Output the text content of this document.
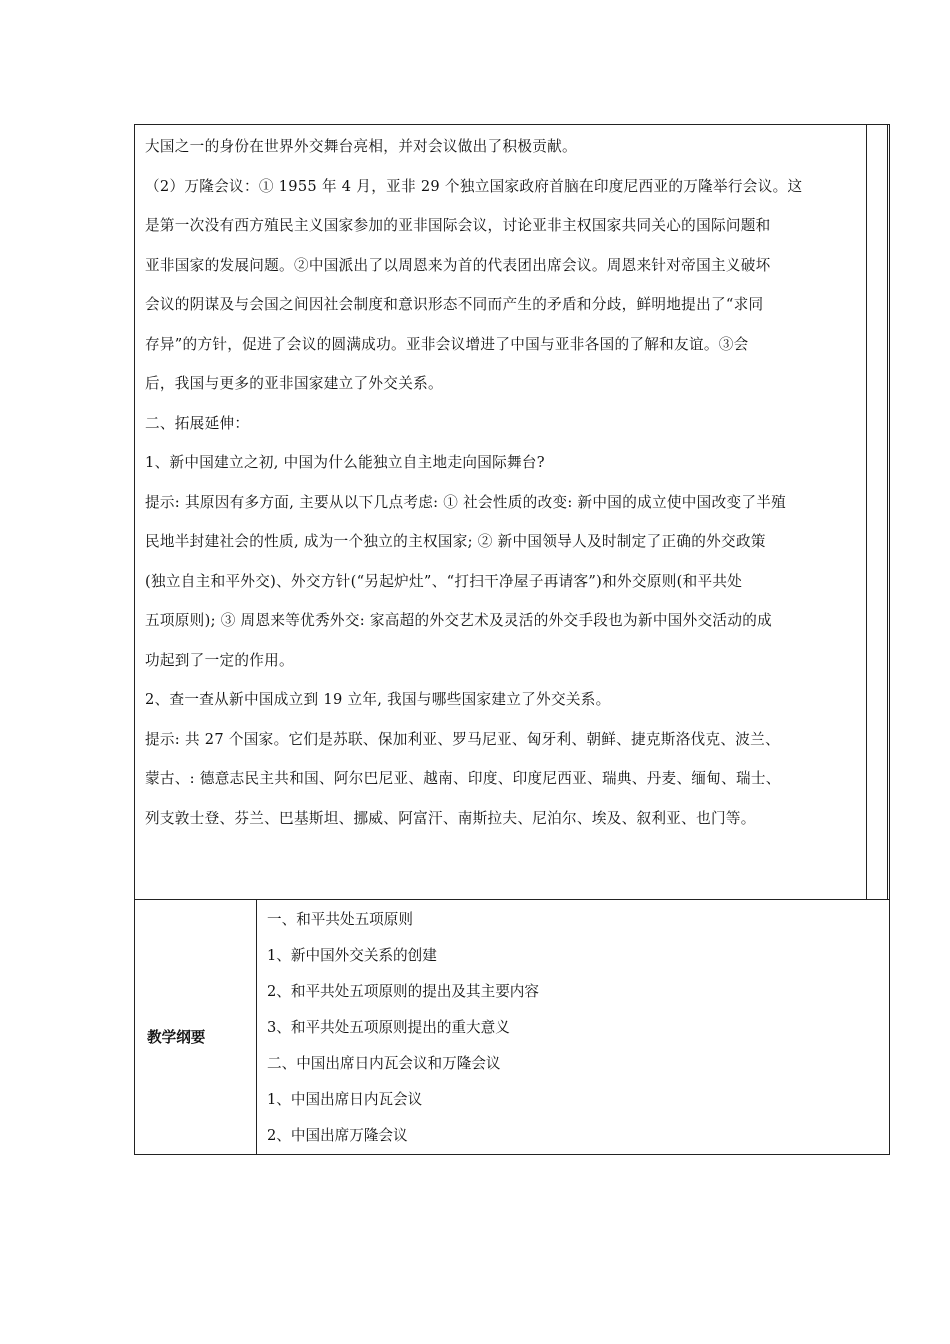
大国之一的身份在世界外交舞台亮相，并对会议做出了积极贡献。

（2）万隆会议：① 1955 年 4 月，亚非 29 个独立国家政府首脑在印度尼西亚的万隆举行会议。这

是第一次没有西方殖民主义国家参加的亚非国际会议，讨论亚非主权国家共同关心的国际问题和

亚非国家的发展问题。②中国派出了以周恩来为首的代表团出席会议。周恩来针对帝国主义破坏

会议的阴谋及与会国之间因社会制度和意识形态不同而产生的矛盾和分歧，鲜明地提出了“求同

存异”的方针，促进了会议的圆满成功。亚非会议增进了中国与亚非各国的了解和友谊。③会

后，我国与更多的亚非国家建立了外交关系。

二、拓展延伸：

1、新中国建立之初, 中国为什么能独立自主地走向国际舞台?

提示: 其原因有多方面, 主要从以下几点考虑: ① 社会性质的改变: 新中国的成立使中国改变了半殖

民地半封建社会的性质, 成为一个独立的主权国家; ② 新中国领导人及时制定了正确的外交政策

(独立自主和平外交)、外交方针(“另起炉灶”、“打扫干净屋子再请客”)和外交原则(和平共处

五项原则); ③ 周恩来等优秀外交: 家高超的外交艺术及灵活的外交手段也为新中国外交活动的成

功起到了一定的作用。

2、查一查从新中国成立到 19 立年, 我国与哪些国家建立了外交关系。

提示: 共 27 个国家。它们是苏联、保加利亚、罗马尼亚、匈牙利、朝鲜、捷克斯洛伐克、波兰、

蒙古、: 德意志民主共和国、阿尔巴尼亚、越南、印度、印度尼西亚、瑞典、丹麦、缅甸、瑞士、

列支敦士登、芬兰、巴基斯坦、挪威、阿富汗、南斯拉夫、尼泊尔、埃及、叙利亚、也门等。

教学纲要

一、和平共处五项原则

1、新中国外交关系的创建

2、和平共处五项原则的提出及其主要内容

3、和平共处五项原则提出的重大意义

二、中国出席日内瓦会议和万隆会议

1、中国出席日内瓦会议

2、中国出席万隆会议
